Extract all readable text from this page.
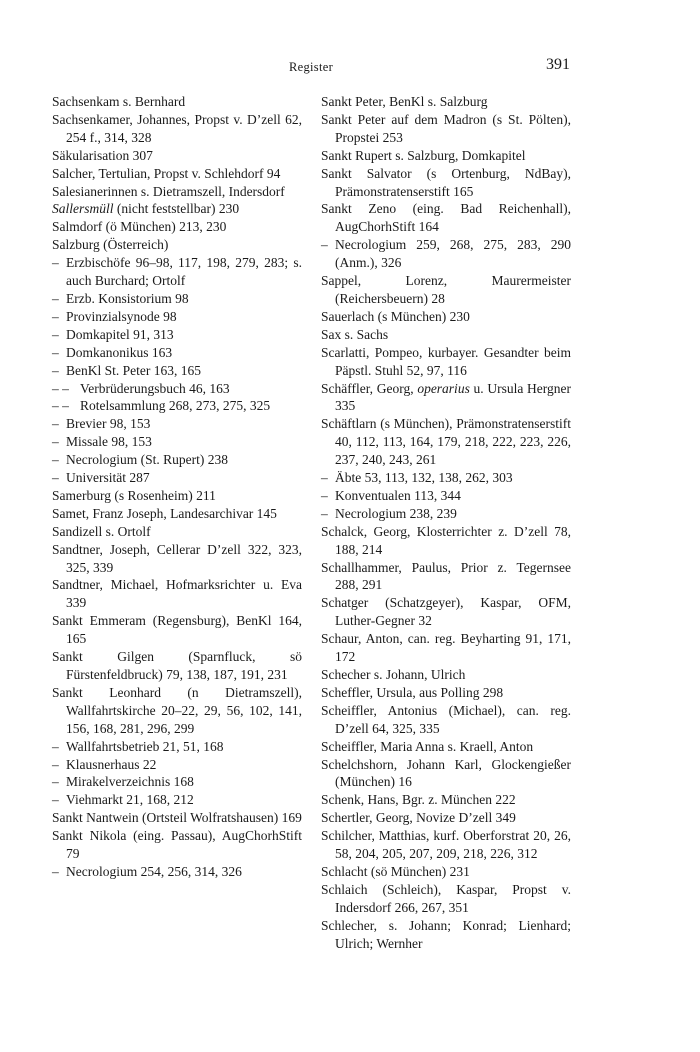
Register	391

Sachsenkam s. Bernhard

Sachsenkamer, Johannes, Propst v. D’zell 62, 254 f., 314, 328

Säkularisation 307

Salcher, Tertulian, Propst v. Schlehdorf 94

Salesianerinnen s. Dietramszell, Indersdorf

Sallersmüll (nicht feststellbar) 230

Salmdorf (ö München) 213, 230

Salzburg (Österreich)

– Erzbischöfe 96–98, 117, 198, 279, 283; s. auch Burchard; Ortolf

– Erzb. Konsistorium 98

– Provinzialsynode 98

– Domkapitel 91, 313

– Domkanonikus 163

– BenKl St. Peter 163, 165

– – Verbrüderungsbuch 46, 163

– – Rotelsammlung 268, 273, 275, 325

– Brevier 98, 153

– Missale 98, 153

– Necrologium (St. Rupert) 238

– Universität 287

Samerburg (s Rosenheim) 211

Samet, Franz Joseph, Landesarchivar 145

Sandizell s. Ortolf

Sandtner, Joseph, Cellerar D’zell 322, 323, 325, 339

Sandtner, Michael, Hofmarksrichter u. Eva 339

Sankt Emmeram (Regensburg), BenKl 164, 165

Sankt Gilgen (Sparnfluck, sö Fürstenfeldbruck) 79, 138, 187, 191, 231

Sankt Leonhard (n Dietramszell), Wallfahrtskirche 20–22, 29, 56, 102, 141, 156, 168, 281, 296, 299

– Wallfahrtsbetrieb 21, 51, 168

– Klausnerhaus 22

– Mirakelverzeichnis 168

– Viehmarkt 21, 168, 212

Sankt Nantwein (Ortsteil Wolfratshausen) 169

Sankt Nikola (eing. Passau), AugChorhStift 79

– Necrologium 254, 256, 314, 326

Sankt Peter, BenKl s. Salzburg

Sankt Peter auf dem Madron (s St. Pölten), Propstei 253

Sankt Rupert s. Salzburg, Domkapitel

Sankt Salvator (s Ortenburg, NdBay), Prämonstratenserstift 165

Sankt Zeno (eing. Bad Reichenhall), AugChorhStift 164

– Necrologium 259, 268, 275, 283, 290 (Anm.), 326

Sappel, Lorenz, Maurermeister (Reichersbeuern) 28

Sauerlach (s München) 230

Sax s. Sachs

Scarlatti, Pompeo, kurbayer. Gesandter beim Päpstl. Stuhl 52, 97, 116

Schäffler, Georg, operarius u. Ursula Hergner 335

Schäftlarn (s München), Prämonstratenserstift 40, 112, 113, 164, 179, 218, 222, 223, 226, 237, 240, 243, 261

– Äbte 53, 113, 132, 138, 262, 303

– Konventualen 113, 344

– Necrologium 238, 239

Schalck, Georg, Klosterrichter z. D’zell 78, 188, 214

Schallhammer, Paulus, Prior z. Tegernsee 288, 291

Schatger (Schatzgeyer), Kaspar, OFM, Luther-Gegner 32

Schaur, Anton, can. reg. Beyharting 91, 171, 172

Schecher s. Johann, Ulrich

Scheffler, Ursula, aus Polling 298

Scheiffler, Antonius (Michael), can. reg. D’zell 64, 325, 335

Scheiffler, Maria Anna s. Kraell, Anton

Schelchshorn, Johann Karl, Glockengießer (München) 16

Schenk, Hans, Bgr. z. München 222

Schertler, Georg, Novize D’zell 349

Schilcher, Matthias, kurf. Oberforstrat 20, 26, 58, 204, 205, 207, 209, 218, 226, 312

Schlacht (sö München) 231

Schlaich (Schleich), Kaspar, Propst v. Indersdorf 266, 267, 351

Schlecher, s. Johann; Konrad; Lienhard; Ulrich; Wernher
